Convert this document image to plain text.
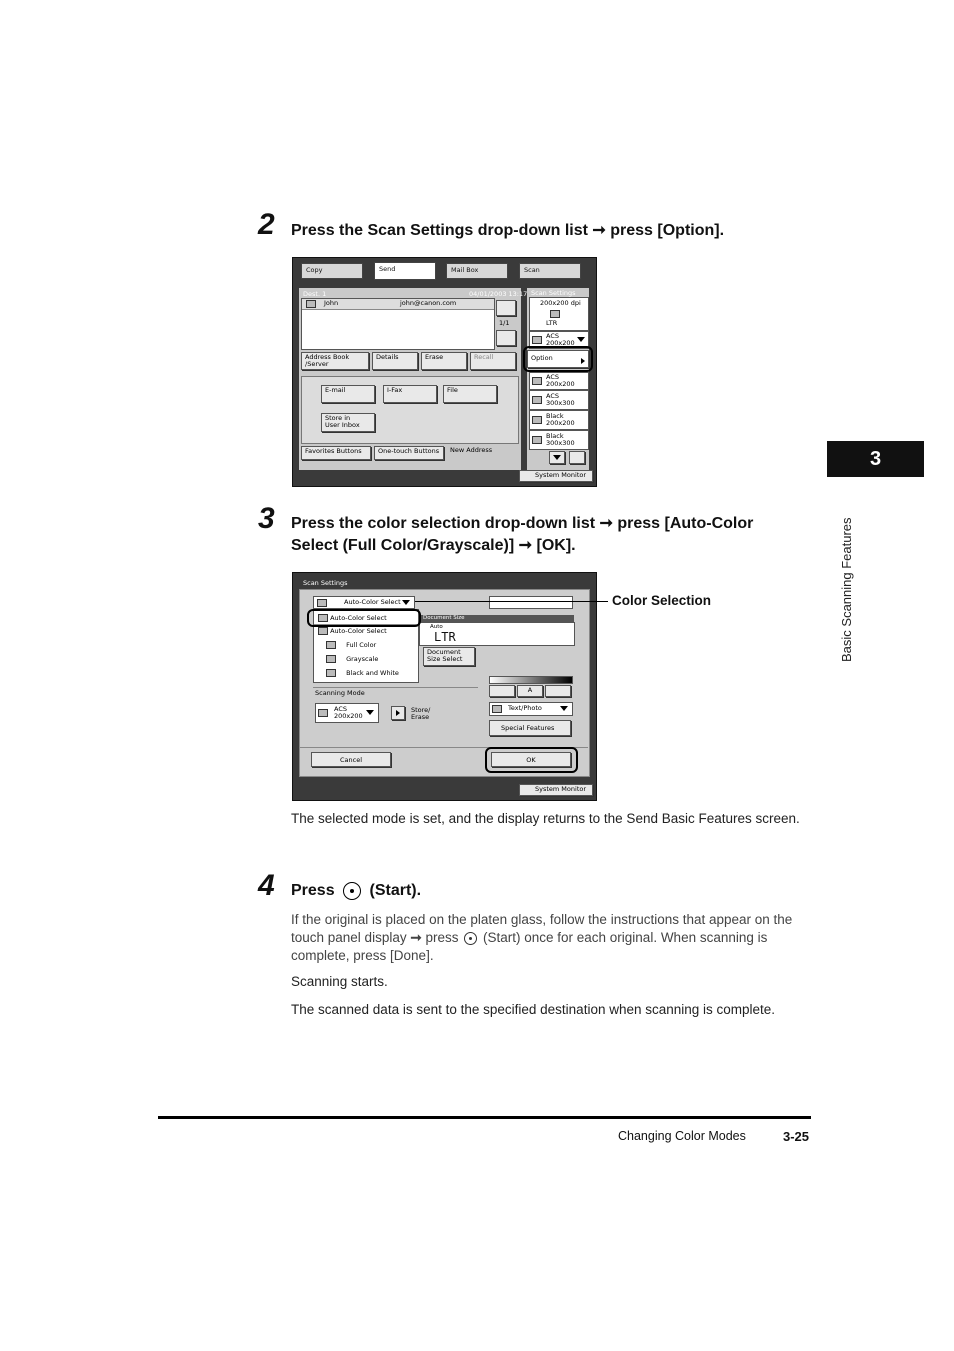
2 Press the Scan Settings drop-down list ➞ press [Option].
Copy	Send	Mail Box	Scan
Dest. 1	04/01/2003 13:17
John	john@canon.com
1/1
Address Book
/Server
Details	Erase	Recall
E-mail	I-Fax	File
Store in
User Inbox
Favorites Buttons	One-touch Buttons	New Address
Scan Settings
200x200 dpi
LTR
ACS
200x200
Option
ACS
200x200
ACS
300x300
Black
200x200
Black
300x300
System Monitor
3 Press the color selection drop-down list ➞ press [Auto-Color
Select (Full Color/Grayscale)] ➞ [OK].
Scan Settings
Auto-Color Select
Document Size
Auto
LTR
Document
Size Select
Auto-Color Select
Auto-Color Select
Full Color
Grayscale
Black and White
Scanning Mode
ACS
200x200
Store/
Erase
A
Text/Photo
Special Features
Cancel	OK
System Monitor
Color Selection
The selected mode is set, and the display returns to the Send Basic Features screen.
4 Press (Start).
If the original is placed on the platen glass, follow the instructions that appear on the touch panel display ➞ press (Start) once for each original. When scanning is complete, press [Done].
Scanning starts.
The scanned data is sent to the specified destination when scanning is complete.
3
Basic Scanning Features
Changing Color Modes	3-25
